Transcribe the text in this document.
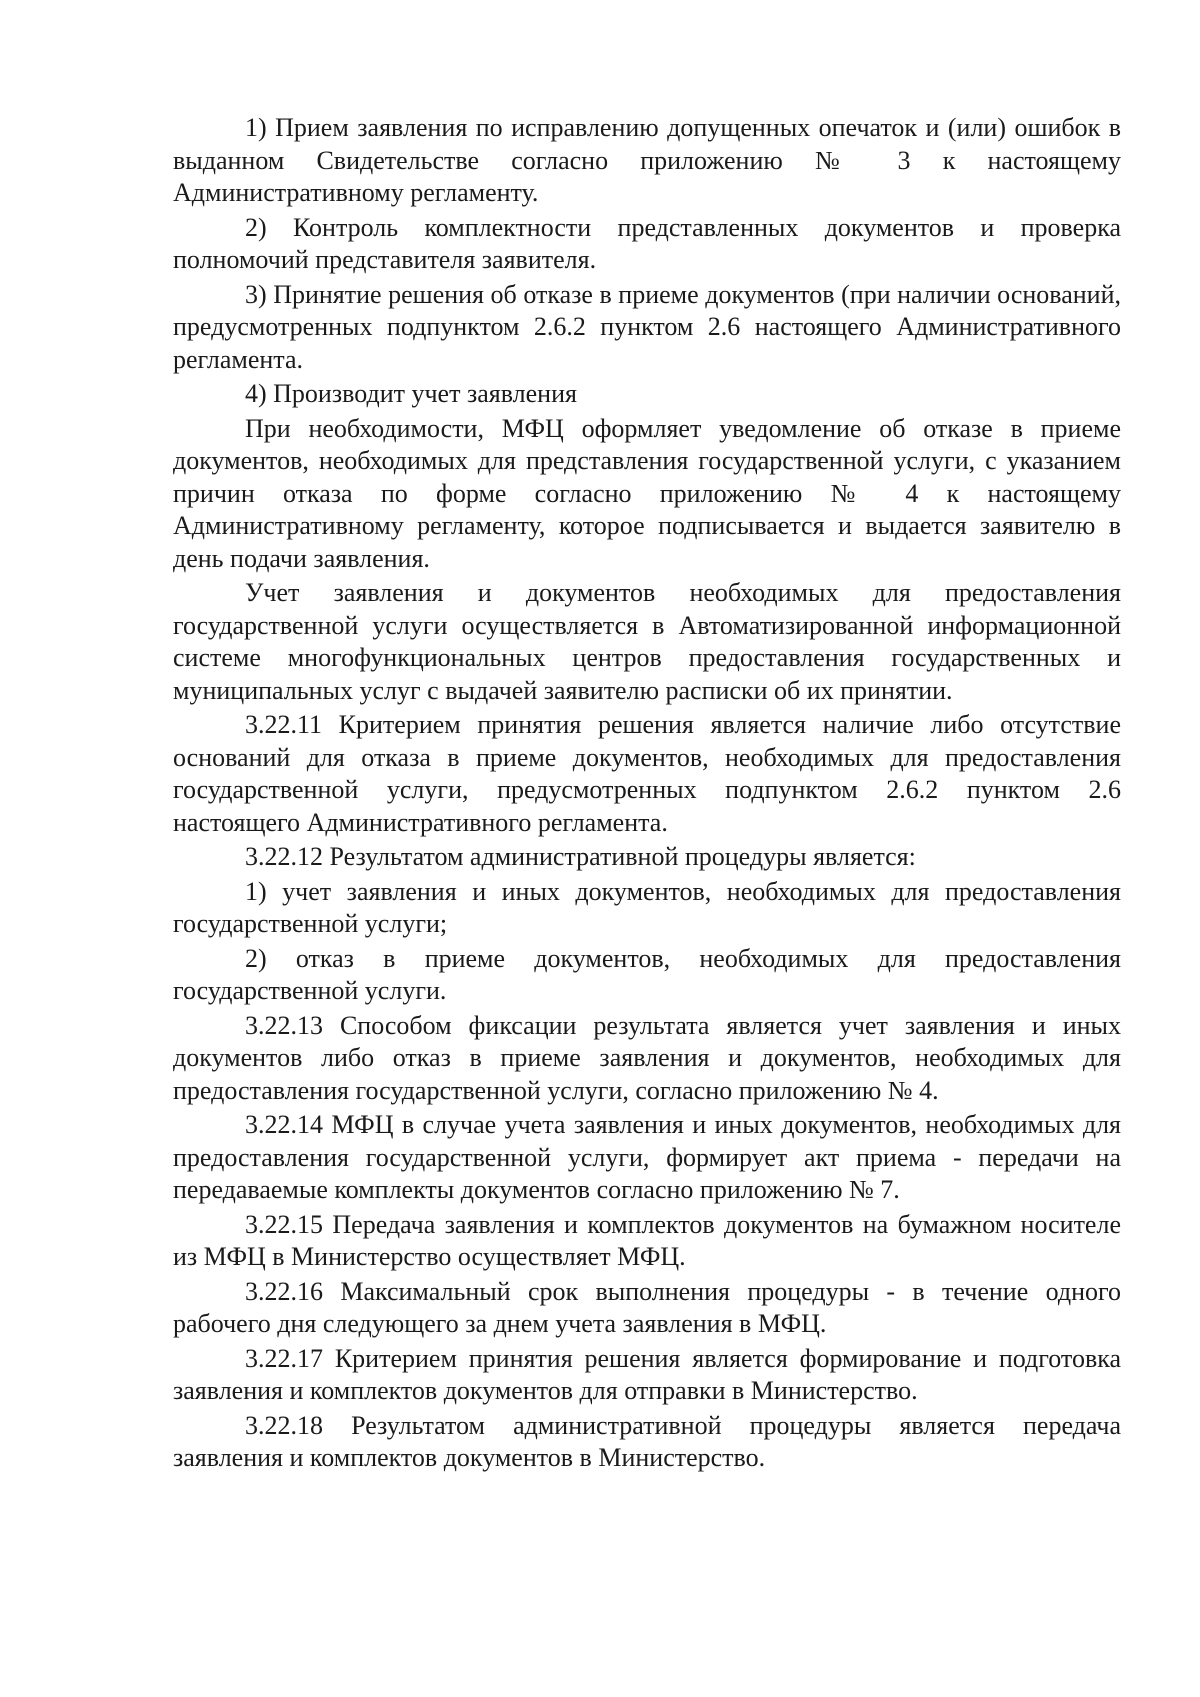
1) Прием заявления по исправлению допущенных опечаток и (или) ошибок в выданном Свидетельстве согласно приложению № 3 к настоящему Административному регламенту.

2) Контроль комплектности представленных документов и проверка полномочий представителя заявителя.

3) Принятие решения об отказе в приеме документов (при наличии оснований, предусмотренных подпунктом 2.6.2 пунктом 2.6 настоящего Административного регламента.

4) Производит учет заявления

При необходимости, МФЦ оформляет уведомление об отказе в приеме документов, необходимых для представления государственной услуги, с указанием причин отказа по форме согласно приложению № 4 к настоящему Административному регламенту, которое подписывается и выдается заявителю в день подачи заявления.

Учет заявления и документов необходимых для предоставления государственной услуги осуществляется в Автоматизированной информационной системе многофункциональных центров предоставления государственных и муниципальных услуг с выдачей заявителю расписки об их принятии.

3.22.11 Критерием принятия решения является наличие либо отсутствие оснований для отказа в приеме документов, необходимых для предоставления государственной услуги, предусмотренных подпунктом 2.6.2 пунктом 2.6 настоящего Административного регламента.

3.22.12 Результатом административной процедуры является:

1) учет заявления и иных документов, необходимых для предоставления государственной услуги;

2) отказ в приеме документов, необходимых для предоставления государственной услуги.

3.22.13 Способом фиксации результата является учет заявления и иных документов либо отказ в приеме заявления и документов, необходимых для предоставления государственной услуги, согласно приложению № 4.

3.22.14 МФЦ в случае учета заявления и иных документов, необходимых для предоставления государственной услуги, формирует акт приема - передачи на передаваемые комплекты документов согласно приложению № 7.

3.22.15 Передача заявления и комплектов документов на бумажном носителе из МФЦ в Министерство осуществляет МФЦ.

3.22.16 Максимальный срок выполнения процедуры - в течение одного рабочего дня следующего за днем учета заявления в МФЦ.

3.22.17 Критерием принятия решения является формирование и подготовка заявления и комплектов документов для отправки в Министерство.

3.22.18 Результатом административной процедуры является передача заявления и комплектов документов в Министерство.
